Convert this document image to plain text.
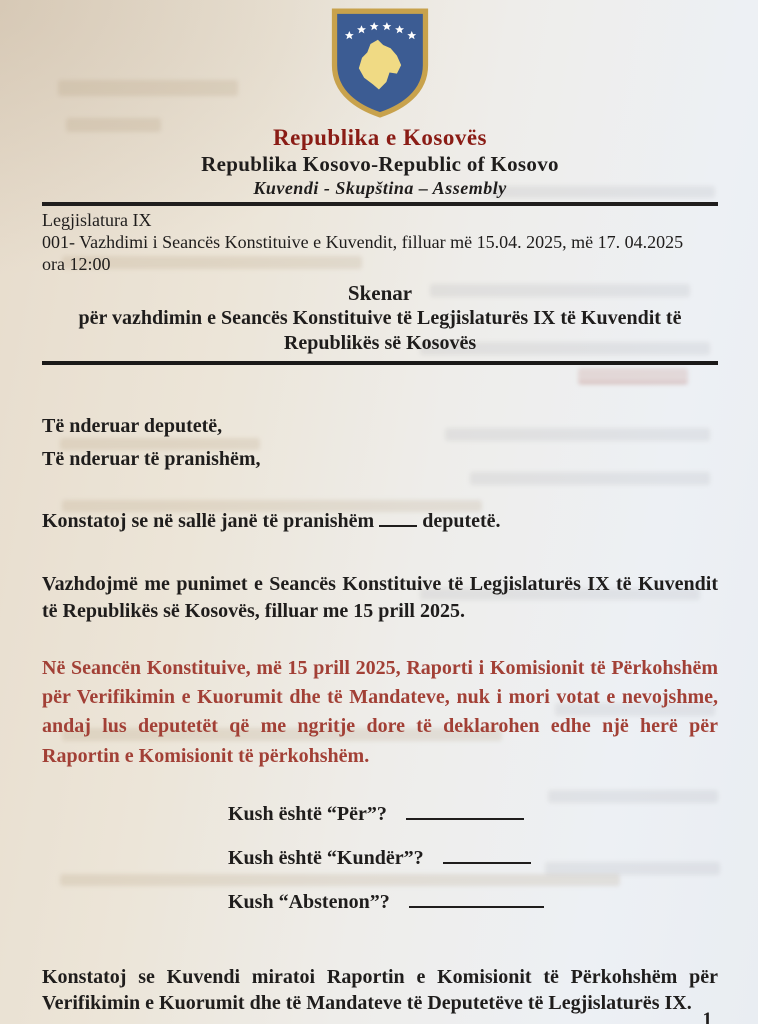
Republika e Kosovës
Republika Kosovo-Republic of Kosovo
Kuvendi - Skupština – Assembly
Legjislatura IX
001- Vazhdimi i Seancës Konstituive e Kuvendit, filluar më 15.04. 2025, më 17. 04.2025
ora 12:00
Skenar
për vazhdimin e Seancës Konstituive të Legjislaturës IX të Kuvendit të
Republikës së Kosovës
Të nderuar deputetë,
Të nderuar të pranishëm,
Konstatoj se në sallë janë të pranishëm deputetë.

Vazhdojmë me punimet e Seancës Konstituive të Legjislaturës IX të Kuvendit të Republikës së Kosovës, filluar me 15 prill 2025.

Në Seancën Konstituive, më 15 prill 2025, Raporti i Komisionit të Përkohshëm për Verifikimin e Kuorumit dhe të Mandateve, nuk i mori votat e nevojshme, andaj lus deputetët që me ngritje dore të deklarohen edhe një herë për Raportin e Komisionit të përkohshëm.

Kush është “Për”?
Kush është “Kundër”?
Kush “Abstenon”?

Konstatoj se Kuvendi miratoi Raportin e Komisionit të Përkohshëm për Verifikimin e Kuorumit dhe të Mandateve të Deputetëve të Legjislaturës IX.

1
